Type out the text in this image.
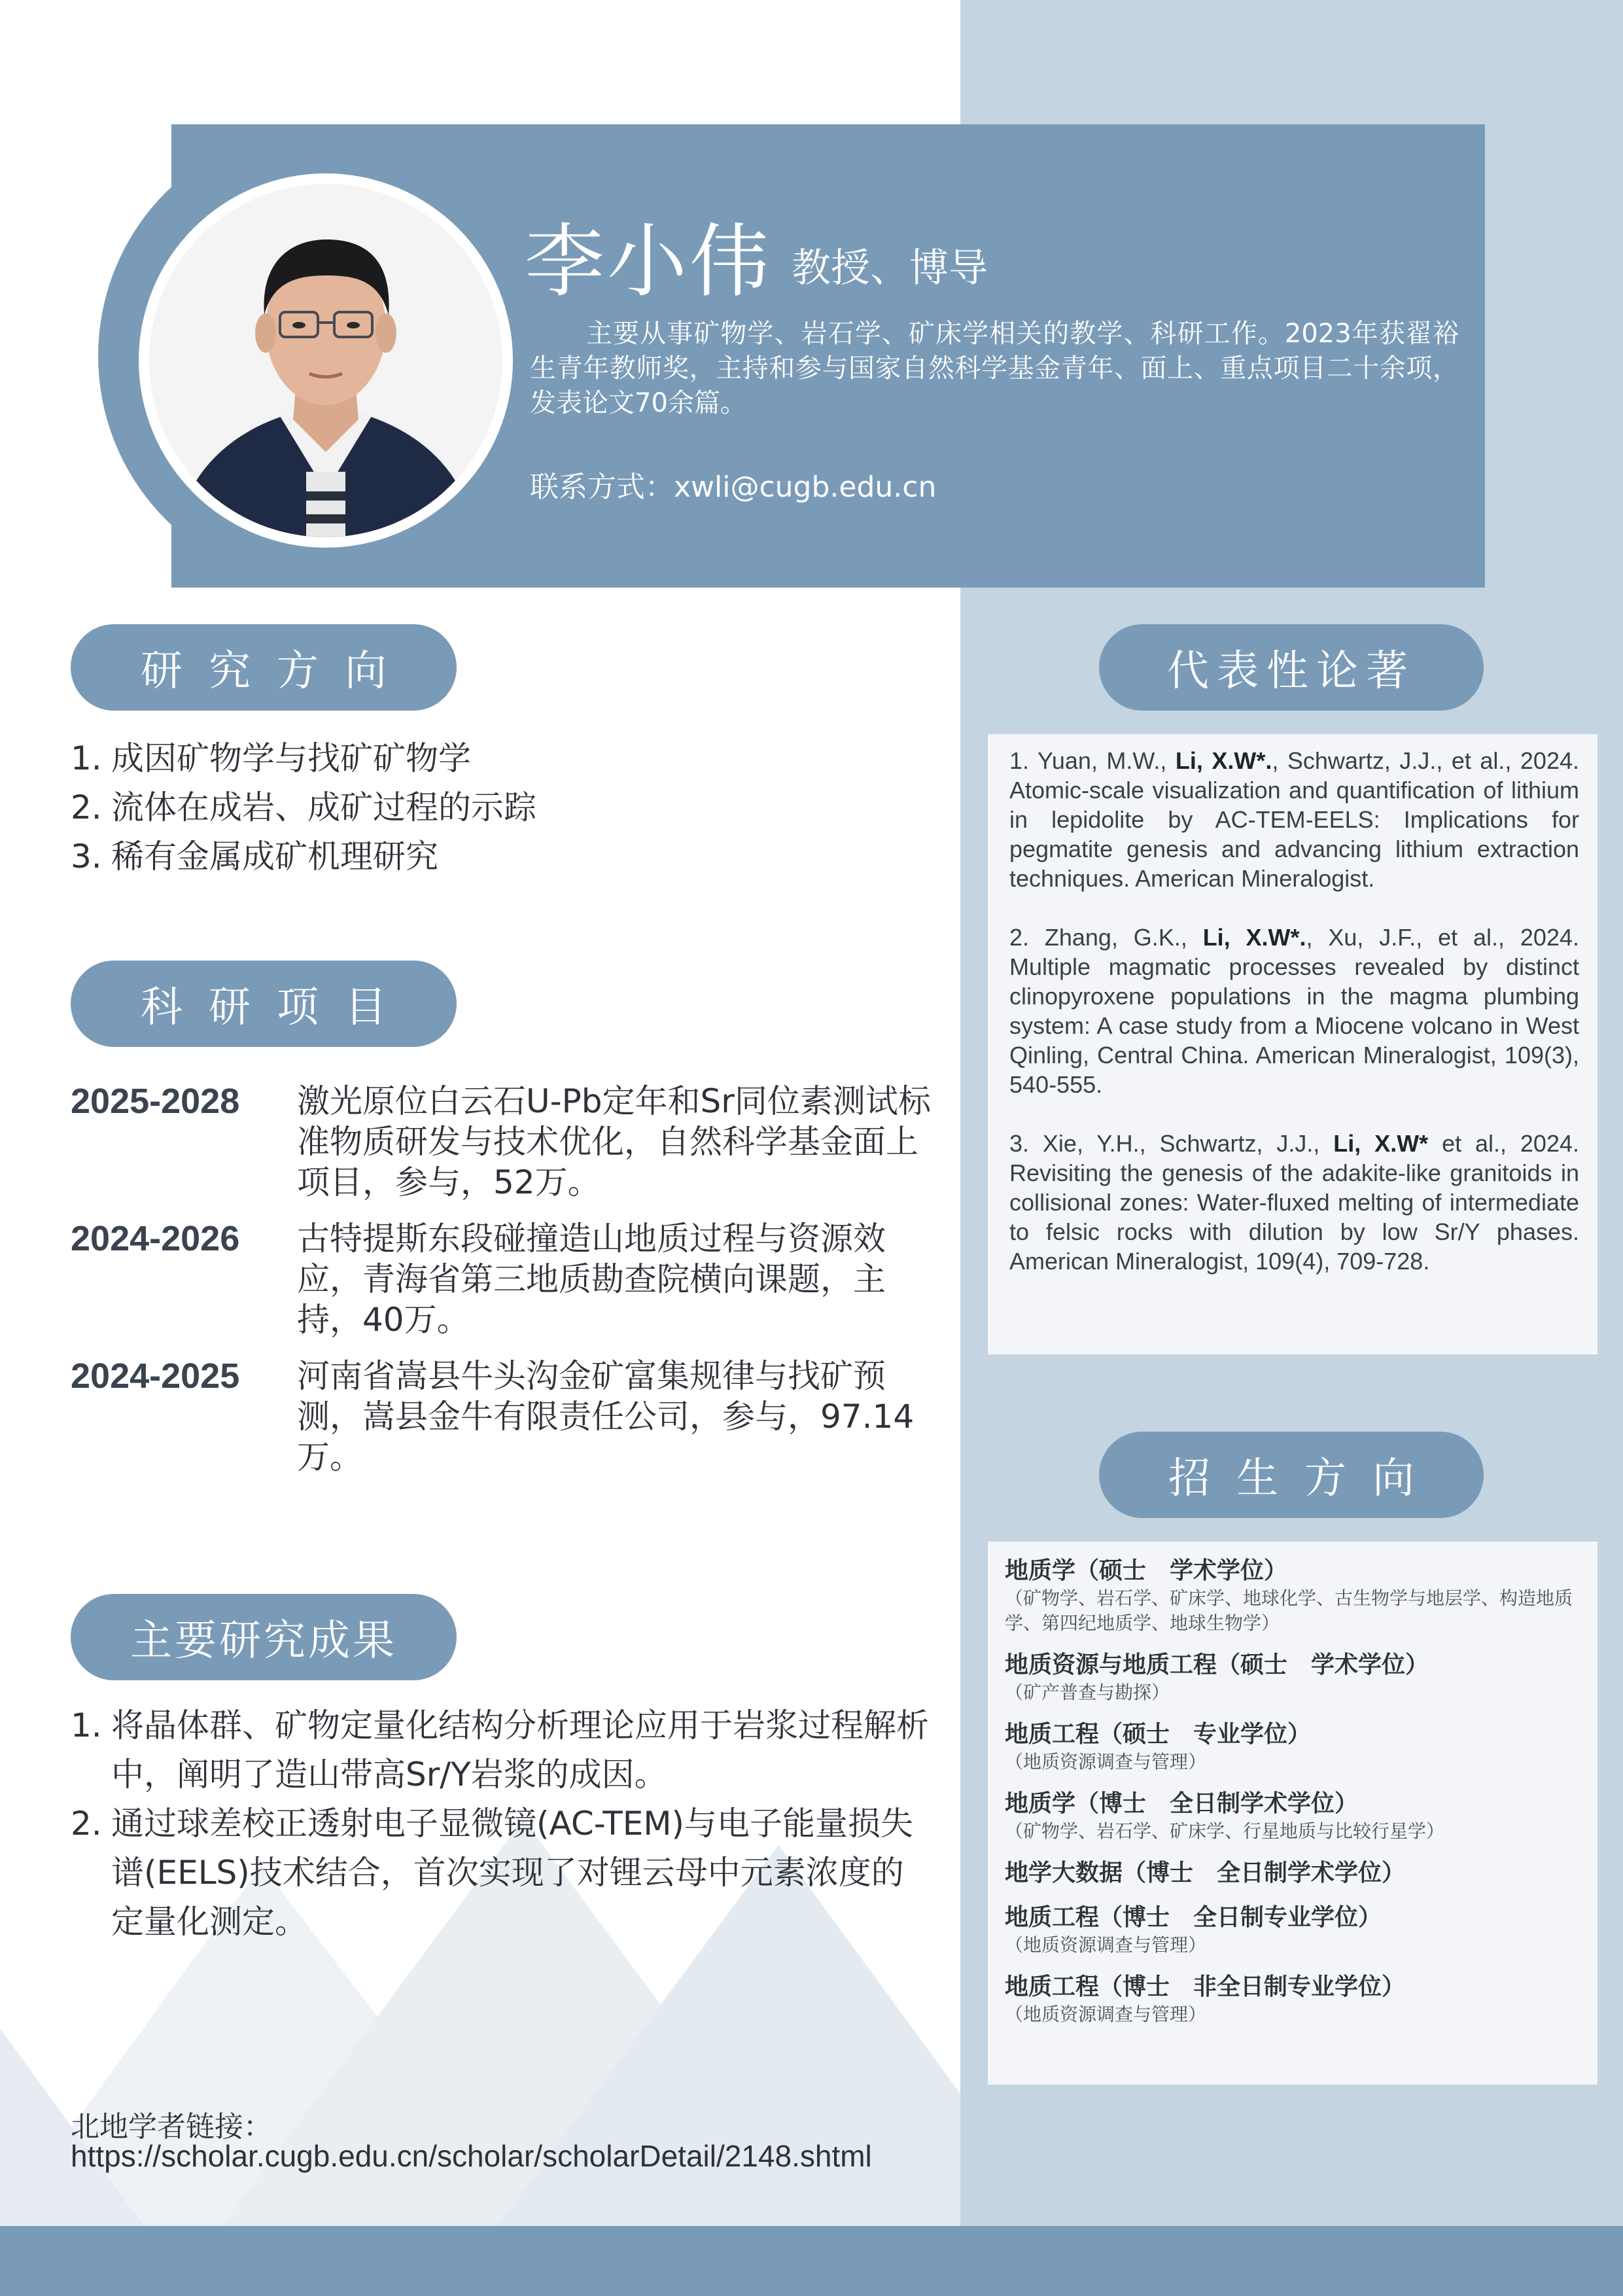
李小伟 教授、博导
主要从事矿物学、岩石学、矿床学相关的教学、科研工作。2023年获翟裕生青年教师奖，主持和参与国家自然科学基金青年、面上、重点项目二十余项，发表论文70余篇。
联系方式：xwli@cugb.edu.cn
研究方向
1. 成因矿物学与找矿矿物学
2. 流体在成岩、成矿过程的示踪
3. 稀有金属成矿机理研究
科研项目
2025-2028	激光原位白云石U-Pb定年和Sr同位素测试标准物质研发与技术优化，自然科学基金面上项目，参与，52万。
2024-2026	古特提斯东段碰撞造山地质过程与资源效应，青海省第三地质勘查院横向课题，主持，40万。
2024-2025	河南省嵩县牛头沟金矿富集规律与找矿预测，嵩县金牛有限责任公司，参与，97.14万。
主要研究成果
1. 将晶体群、矿物定量化结构分析理论应用于岩浆过程解析中，阐明了造山带高Sr/Y岩浆的成因。
2. 通过球差校正透射电子显微镜(AC-TEM)与电子能量损失谱(EELS)技术结合，首次实现了对锂云母中元素浓度的定量化测定。
代表性论著
1. Yuan, M.W., Li, X.W*., Schwartz, J.J., et al., 2024. Atomic-scale visualization and quantification of lithium in lepidolite by AC-TEM-EELS: Implications for pegmatite genesis and advancing lithium extraction techniques. American Mineralogist.
2. Zhang, G.K., Li, X.W*., Xu, J.F., et al., 2024. Multiple magmatic processes revealed by distinct clinopyroxene populations in the magma plumbing system: A case study from a Miocene volcano in West Qinling, Central China. American Mineralogist, 109(3), 540-555.
3. Xie, Y.H., Schwartz, J.J., Li, X.W* et al., 2024. Revisiting the genesis of the adakite-like granitoids in collisional zones: Water-fluxed melting of intermediate to felsic rocks with dilution by low Sr/Y phases. American Mineralogist, 109(4), 709-728.
招生方向
地质学（硕士　学术学位）
（矿物学、岩石学、矿床学、地球化学、古生物学与地层学、构造地质学、第四纪地质学、地球生物学）
地质资源与地质工程（硕士　学术学位）
（矿产普查与勘探）
地质工程（硕士　专业学位）
（地质资源调查与管理）
地质学（博士　全日制学术学位）
（矿物学、岩石学、矿床学、行星地质与比较行星学）
地学大数据（博士　全日制学术学位）
地质工程（博士　全日制专业学位）
（地质资源调查与管理）
地质工程（博士　非全日制专业学位）
（地质资源调查与管理）
北地学者链接：
https://scholar.cugb.edu.cn/scholar/scholarDetail/2148.shtml
